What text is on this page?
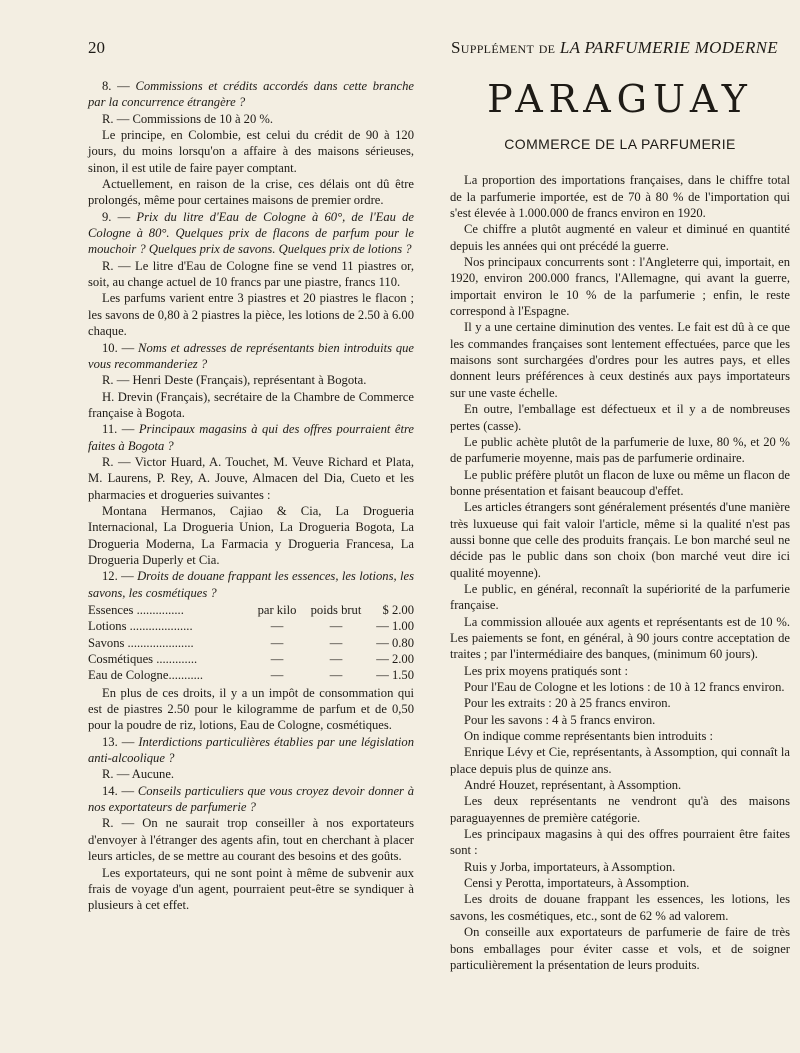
20	Supplément de LA PARFUMERIE MODERNE

8. — Commissions et crédits accordés dans cette branche par la concurrence étrangère ?

R. — Commissions de 10 à 20 %.

Le principe, en Colombie, est celui du crédit de 90 à 120 jours, du moins lorsqu'on a affaire à des maisons sérieuses, sinon, il est utile de faire payer comptant.

Actuellement, en raison de la crise, ces délais ont dû être prolongés, même pour certaines maisons de premier ordre.

9. — Prix du litre d'Eau de Cologne à 60°, de l'Eau de Cologne à 80°. Quelques prix de flacons de parfum pour le mouchoir ? Quelques prix de savons. Quelques prix de lotions ?

R. — Le litre d'Eau de Cologne fine se vend 11 piastres or, soit, au change actuel de 10 francs par une piastre, francs 110.

Les parfums varient entre 3 piastres et 20 piastres le flacon ; les savons de 0,80 à 2 piastres la pièce, les lotions de 2.50 à 6.00 chaque.

10. — Noms et adresses de représentants bien introduits que vous recommanderiez ?

R. — Henri Deste (Français), représentant à Bogota.

H. Drevin (Français), secrétaire de la Chambre de Commerce française à Bogota.

11. — Principaux magasins à qui des offres pourraient être faites à Bogota ?

R. — Victor Huard, A. Touchet, M. Veuve Richard et Plata, M. Laurens, P. Rey, A. Jouve, Almacen del Dia, Cueto et les pharmacies et drogueries suivantes :

Montana Hermanos, Cajiao & Cia, La Drogueria Internacional, La Drogueria Union, La Drogueria Bogota, La Drogueria Moderna, La Farmacia y Drogueria Francesa, La Drogueria Duperly et Cia.

12. — Droits de douane frappant les essences, les lotions, les savons, les cosmétiques ?

Essences ...............	par kilo	poids brut	$ 2.00
Lotions ....................	—	—	— 1.00
Savons .....................	—	—	— 0.80
Cosmétiques .............	—	—	— 2.00
Eau de Cologne...........	—	—	— 1.50

En plus de ces droits, il y a un impôt de consommation qui est de piastres 2.50 pour le kilogramme de parfum et de 0,50 pour la poudre de riz, lotions, Eau de Cologne, cosmétiques.

13. — Interdictions particulières établies par une législation anti-alcoolique ?

R. — Aucune.

14. — Conseils particuliers que vous croyez devoir donner à nos exportateurs de parfumerie ?

R. — On ne saurait trop conseiller à nos exportateurs d'envoyer à l'étranger des agents afin, tout en cherchant à placer leurs articles, de se mettre au courant des besoins et des goûts.

Les exportateurs, qui ne sont point à même de subvenir aux frais de voyage d'un agent, pourraient peut-être se syndiquer à plusieurs à cet effet.

PARAGUAY
COMMERCE DE LA PARFUMERIE

La proportion des importations françaises, dans le chiffre total de la parfumerie importée, est de 70 à 80 % de l'importation qui s'est élevée à 1.000.000 de francs environ en 1920.

Ce chiffre a plutôt augmenté en valeur et diminué en quantité depuis les années qui ont précédé la guerre.

Nos principaux concurrents sont : l'Angleterre qui, importait, en 1920, environ 200.000 francs, l'Allemagne, qui avant la guerre, importait environ le 10 % de la parfumerie ; enfin, le reste correspond à l'Espagne.

Il y a une certaine diminution des ventes. Le fait est dû à ce que les commandes françaises sont lentement effectuées, parce que les maisons sont surchargées d'ordres pour les autres pays, et elles donnent leurs préférences à ceux destinés aux pays importateurs sur une vaste échelle.

En outre, l'emballage est défectueux et il y a de nombreuses pertes (casse).

Le public achète plutôt de la parfumerie de luxe, 80 %, et 20 % de parfumerie moyenne, mais pas de parfumerie ordinaire.

Le public préfère plutôt un flacon de luxe ou même un flacon de bonne présentation et faisant beaucoup d'effet.

Les articles étrangers sont généralement présentés d'une manière très luxueuse qui fait valoir l'article, même si la qualité n'est pas aussi bonne que celle des produits français. Le bon marché seul ne décide pas le public dans son choix (bon marché veut dire ici qualité moyenne).

Le public, en général, reconnaît la supériorité de la parfumerie française.

La commission allouée aux agents et représentants est de 10 %. Les paiements se font, en général, à 90 jours contre acceptation de traites ; par l'intermédiaire des banques, (minimum 60 jours).

Les prix moyens pratiqués sont :

Pour l'Eau de Cologne et les lotions : de 10 à 12 francs environ.

Pour les extraits : 20 à 25 francs environ.

Pour les savons : 4 à 5 francs environ.

On indique comme représentants bien introduits :

Enrique Lévy et Cie, représentants, à Assomption, qui connaît la place depuis plus de quinze ans.

André Houzet, représentant, à Assomption.

Les deux représentants ne vendront qu'à des maisons paraguayennes de première catégorie.

Les principaux magasins à qui des offres pourraient être faites sont :

Ruis y Jorba, importateurs, à Assomption.

Censi y Perotta, importateurs, à Assomption.

Les droits de douane frappant les essences, les lotions, les savons, les cosmétiques, etc., sont de 62 % ad valorem.

On conseille aux exportateurs de parfumerie de faire de très bons emballages pour éviter casse et vols, et de soigner particulièrement la présentation de leurs produits.
